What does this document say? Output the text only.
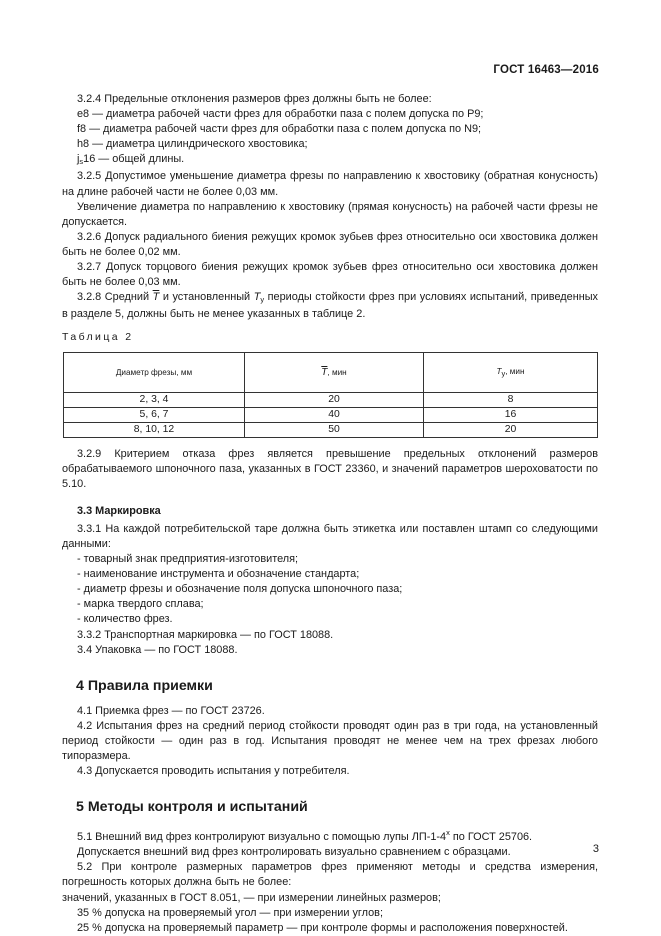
ГОСТ 16463—2016

3.2.4 Предельные отклонения размеров фрез должны быть не более:

e8 — диаметра рабочей части фрез для обработки паза с полем допуска по P9;

f8 — диаметра рабочей части фрез для обработки паза с полем допуска по N9;

h8 — диаметра цилиндрического хвостовика;

$j_s16$ — общей длины.

3.2.5 Допустимое уменьшение диаметра фрезы по направлению к хвостовику (обратная конусность) на длине рабочей части не более 0,03 мм.

Увеличение диаметра по направлению к хвостовику (прямая конусность) на рабочей части фрезы не допускается.

3.2.6 Допуск радиального биения режущих кромок зубьев фрез относительно оси хвостовика должен быть не более 0,02 мм.

3.2.7 Допуск торцового биения режущих кромок зубьев фрез относительно оси хвостовика должен быть не более 0,03 мм.

3.2.8 Средний $\overline{T}$ и установленный $T_y$ периоды стойкости фрез при условиях испытаний, приведенных в разделе 5, должны быть не менее указанных в таблице 2.

Таблица 2
Диаметр фрезы, мм	$\overline{T}$, мин	Ty, мин
2, 3, 4	20	8
5, 6, 7	40	16
8, 10, 12	50	20

3.2.9 Критерием отказа фрез является превышение предельных отклонений размеров обрабатываемого шпоночного паза, указанных в ГОСТ 23360, и значений параметров шероховатости по 5.10.

3.3 Маркировка

3.3.1 На каждой потребительской таре должна быть этикетка или поставлен штамп со следующими данными:

- товарный знак предприятия-изготовителя;

- наименование инструмента и обозначение стандарта;

- диаметр фрезы и обозначение поля допуска шпоночного паза;

- марка твердого сплава;

- количество фрез.

3.3.2 Транспортная маркировка — по ГОСТ 18088.

3.4 Упаковка — по ГОСТ 18088.

4 Правила приемки

4.1 Приемка фрез — по ГОСТ 23726.

4.2 Испытания фрез на средний период стойкости проводят один раз в три года, на установленный период стойкости — один раз в год. Испытания проводят не менее чем на трех фрезах любого типоразмера.

4.3 Допускается проводить испытания у потребителя.

5 Методы контроля и испытаний

5.1 Внешний вид фрез контролируют визуально с помощью лупы $ЛП-1-4^х$ по ГОСТ 25706.

Допускается внешний вид фрез контролировать визуально сравнением с образцами.

5.2 При контроле размерных параметров фрез применяют методы и средства измерения, погрешность которых должна быть не более:

значений, указанных в ГОСТ 8.051, — при измерении линейных размеров;

35 % допуска на проверяемый угол — при измерении углов;

25 % допуска на проверяемый параметр — при контроле формы и расположения поверхностей.

3
